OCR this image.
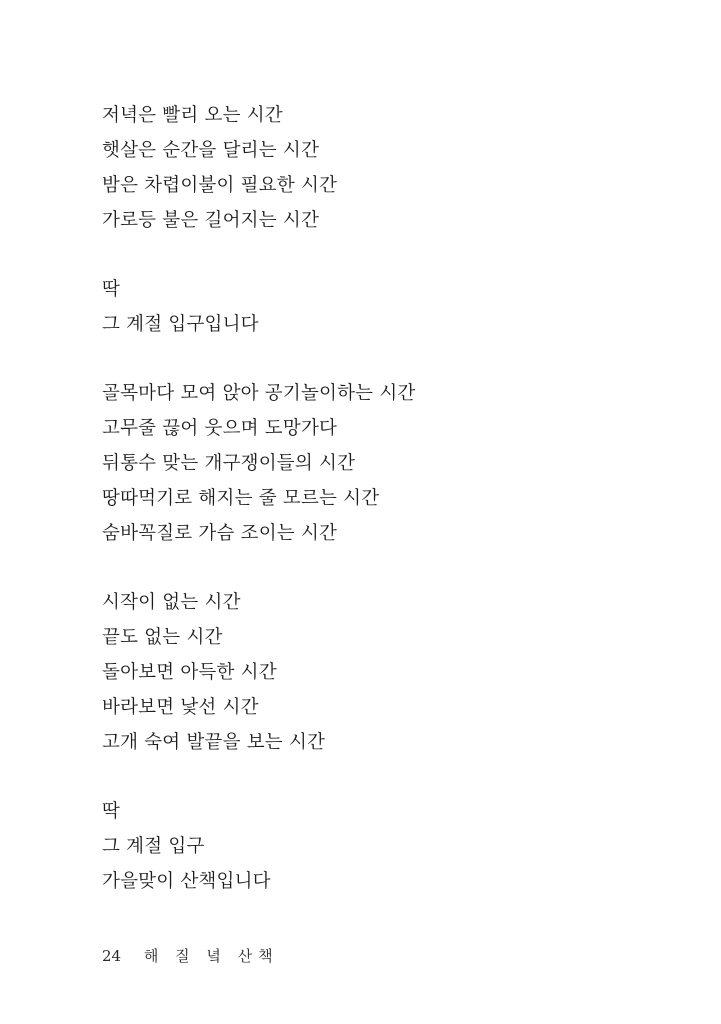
저녁은 빨리 오는 시간
햇살은 순간을 달리는 시간
밤은 차렵이불이 필요한 시간
가로등 불은 길어지는 시간
딱
그 계절 입구입니다
골목마다 모여 앉아 공기놀이하는 시간
고무줄 끊어 웃으며 도망가다
뒤통수 맞는 개구쟁이들의 시간
땅따먹기로 해지는 줄 모르는 시간
숨바꼭질로 가슴 조이는 시간
시작이 없는 시간
끝도 없는 시간
돌아보면 아득한 시간
바라보면 낯선 시간
고개 숙여 발끝을 보는 시간
딱
그 계절 입구
가을맞이 산책입니다
24 해 질 녘 산책
